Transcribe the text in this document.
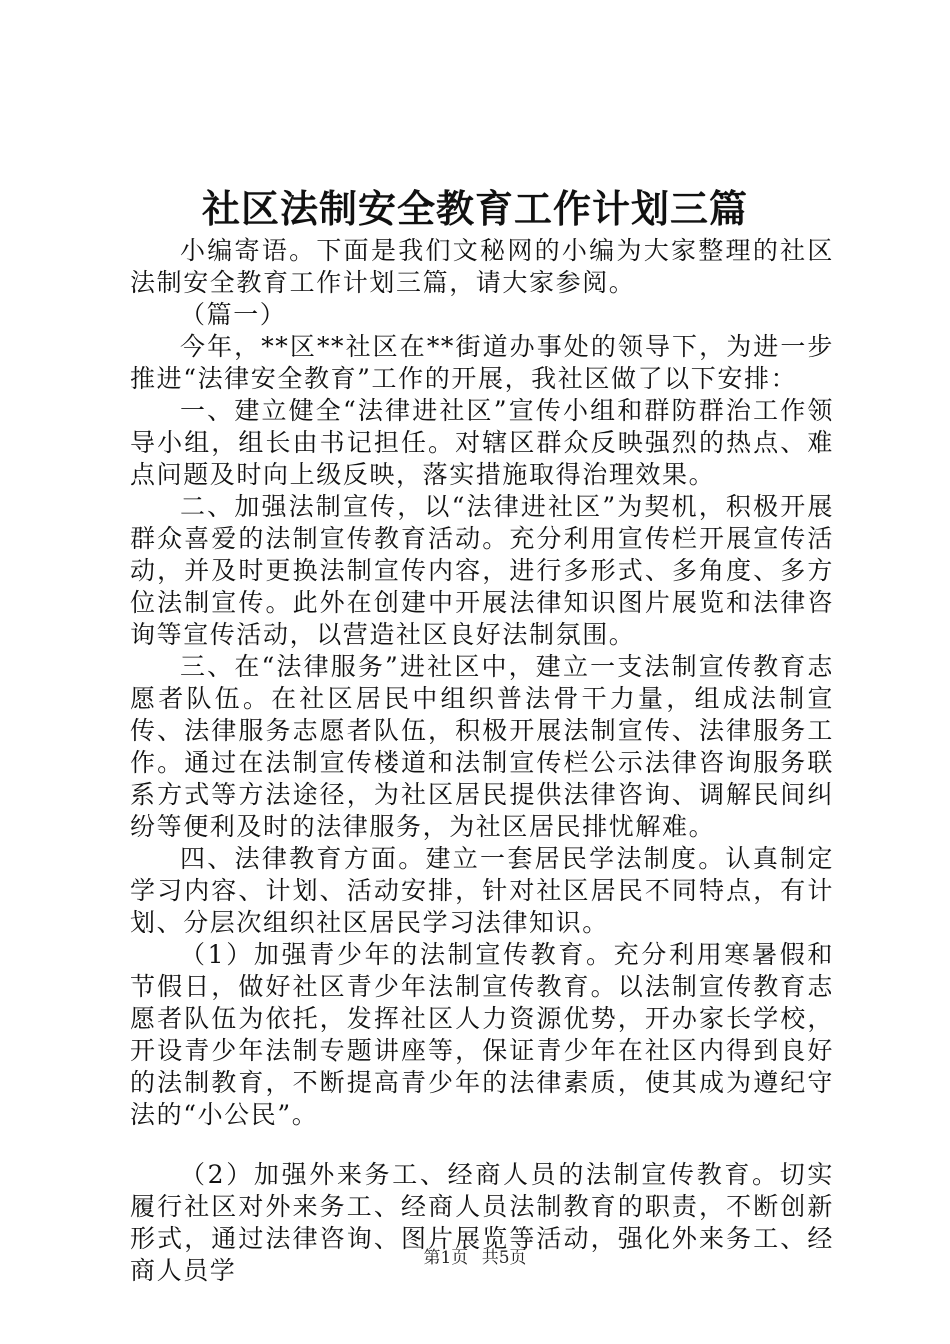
社区法制安全教育工作计划三篇

小编寄语。下面是我们文秘网的小编为大家整理的社区法制安全教育工作计划三篇，请大家参阅。

（篇一）

今年，**区**社区在**街道办事处的领导下，为进一步推进“法律安全教育”工作的开展，我社区做了以下安排：

一、建立健全“法律进社区”宣传小组和群防群治工作领导小组，组长由书记担任。对辖区群众反映强烈的热点、难点问题及时向上级反映，落实措施取得治理效果。

二、加强法制宣传，以“法律进社区”为契机，积极开展群众喜爱的法制宣传教育活动。充分利用宣传栏开展宣传活动，并及时更换法制宣传内容，进行多形式、多角度、多方位法制宣传。此外在创建中开展法律知识图片展览和法律咨询等宣传活动，以营造社区良好法制氛围。

三、在“法律服务”进社区中，建立一支法制宣传教育志愿者队伍。在社区居民中组织普法骨干力量，组成法制宣传、法律服务志愿者队伍，积极开展法制宣传、法律服务工作。通过在法制宣传楼道和法制宣传栏公示法律咨询服务联系方式等方法途径，为社区居民提供法律咨询、调解民间纠纷等便利及时的法律服务，为社区居民排忧解难。

四、法律教育方面。建立一套居民学法制度。认真制定学习内容、计划、活动安排，针对社区居民不同特点，有计划、分层次组织社区居民学习法律知识。

（1）加强青少年的法制宣传教育。充分利用寒暑假和节假日，做好社区青少年法制宣传教育。以法制宣传教育志愿者队伍为依托，发挥社区人力资源优势，开办家长学校，开设青少年法制专题讲座等，保证青少年在社区内得到良好的法制教育，不断提高青少年的法律素质，使其成为遵纪守法的“小公民”。

（2）加强外来务工、经商人员的法制宣传教育。切实履行社区对外来务工、经商人员法制教育的职责，不断创新形式，通过法律咨询、图片展览等活动，强化外来务工、经商人员学	第1页 共5页
